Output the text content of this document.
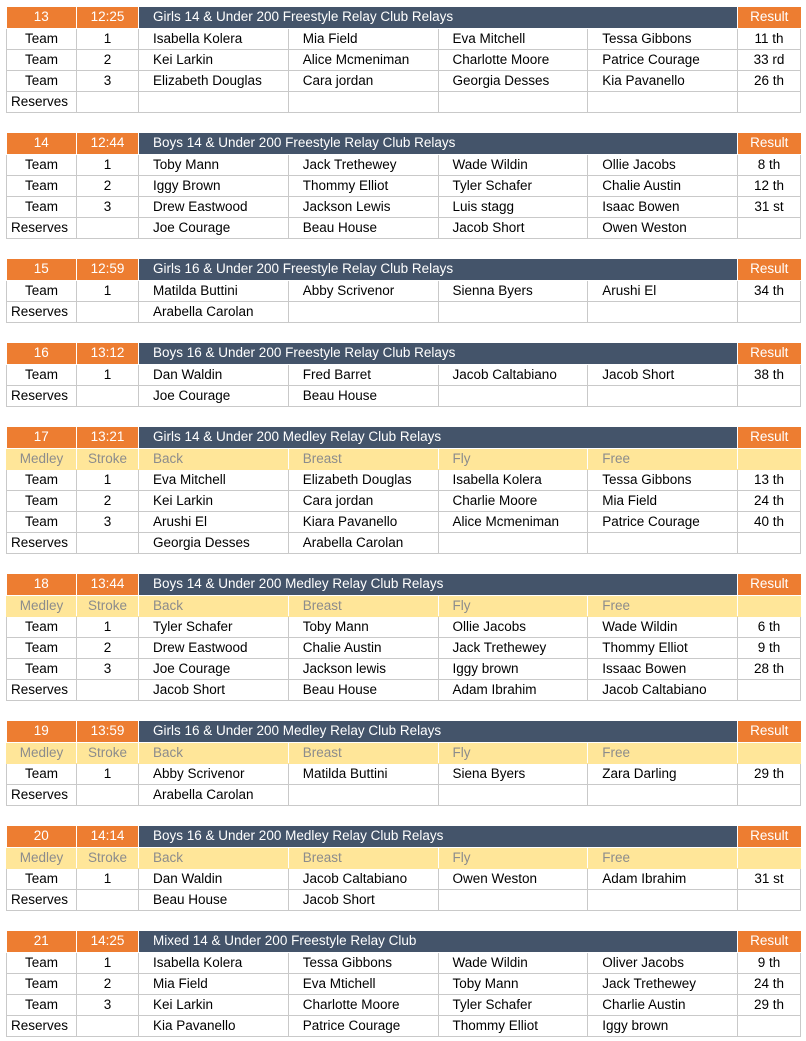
13	12:25	Girls 14 & Under 200 Freestyle Relay Club Relays				Result
Team	1	Isabella Kolera	Mia Field	Eva Mitchell	Tessa Gibbons	11 th
Team	2	Kei Larkin	Alice Mcmeniman	Charlotte Moore	Patrice Courage	33 rd
Team	3	Elizabeth Douglas	Cara jordan	Georgia Desses	Kia Pavanello	26 th
Reserves						
14	12:44	Boys 14 & Under 200 Freestyle Relay Club Relays				Result
Team	1	Toby Mann	Jack Trethewey	Wade Wildin	Ollie Jacobs	8 th
Team	2	Iggy Brown	Thommy Elliot	Tyler Schafer	Chalie Austin	12 th
Team	3	Drew Eastwood	Jackson Lewis	Luis stagg	Isaac Bowen	31 st
Reserves		Joe Courage	Beau House	Jacob Short	Owen Weston	
15	12:59	Girls 16 & Under 200 Freestyle Relay Club Relays				Result
Team	1	Matilda Buttini	Abby Scrivenor	Sienna Byers	Arushi El	34 th
Reserves		Arabella Carolan				
16	13:12	Boys 16 & Under 200 Freestyle Relay Club Relays				Result
Team	1	Dan Waldin	Fred Barret	Jacob Caltabiano	Jacob Short	38 th
Reserves		Joe Courage	Beau House			
17	13:21	Girls 14 & Under 200 Medley Relay Club Relays				Result
Medley	Stroke	Back	Breast	Fly	Free	
Team	1	Eva Mitchell	Elizabeth Douglas	Isabella Kolera	Tessa Gibbons	13 th
Team	2	Kei Larkin	Cara jordan	Charlie Moore	Mia Field	24 th
Team	3	Arushi El	Kiara Pavanello	Alice Mcmeniman	Patrice Courage	40 th
Reserves		Georgia Desses	Arabella Carolan			
18	13:44	Boys 14 & Under 200 Medley Relay Club Relays				Result
Medley	Stroke	Back	Breast	Fly	Free	
Team	1	Tyler Schafer	Toby Mann	Ollie Jacobs	Wade Wildin	6 th
Team	2	Drew Eastwood	Chalie Austin	Jack Trethewey	Thommy Elliot	9 th
Team	3	Joe Courage	Jackson lewis	Iggy brown	Issaac Bowen	28 th
Reserves		Jacob Short	Beau House	Adam Ibrahim	Jacob Caltabiano	
19	13:59	Girls 16 & Under 200 Medley Relay Club Relays				Result
Medley	Stroke	Back	Breast	Fly	Free	
Team	1	Abby Scrivenor	Matilda Buttini	Siena Byers	Zara Darling	29 th
Reserves		Arabella Carolan				
20	14:14	Boys 16 & Under 200 Medley Relay Club Relays				Result
Medley	Stroke	Back	Breast	Fly	Free	
Team	1	Dan Waldin	Jacob Caltabiano	Owen Weston	Adam Ibrahim	31 st
Reserves		Beau House	Jacob Short			
21	14:25	Mixed 14 & Under 200 Freestyle Relay Club				Result
Team	1	Isabella Kolera	Tessa Gibbons	Wade Wildin	Oliver Jacobs	9 th
Team	2	Mia Field	Eva Mtichell	Toby Mann	Jack Trethewey	24 th
Team	3	Kei Larkin	Charlotte Moore	Tyler Schafer	Charlie Austin	29 th
Reserves		Kia Pavanello	Patrice Courage	Thommy Elliot	Iggy brown	
